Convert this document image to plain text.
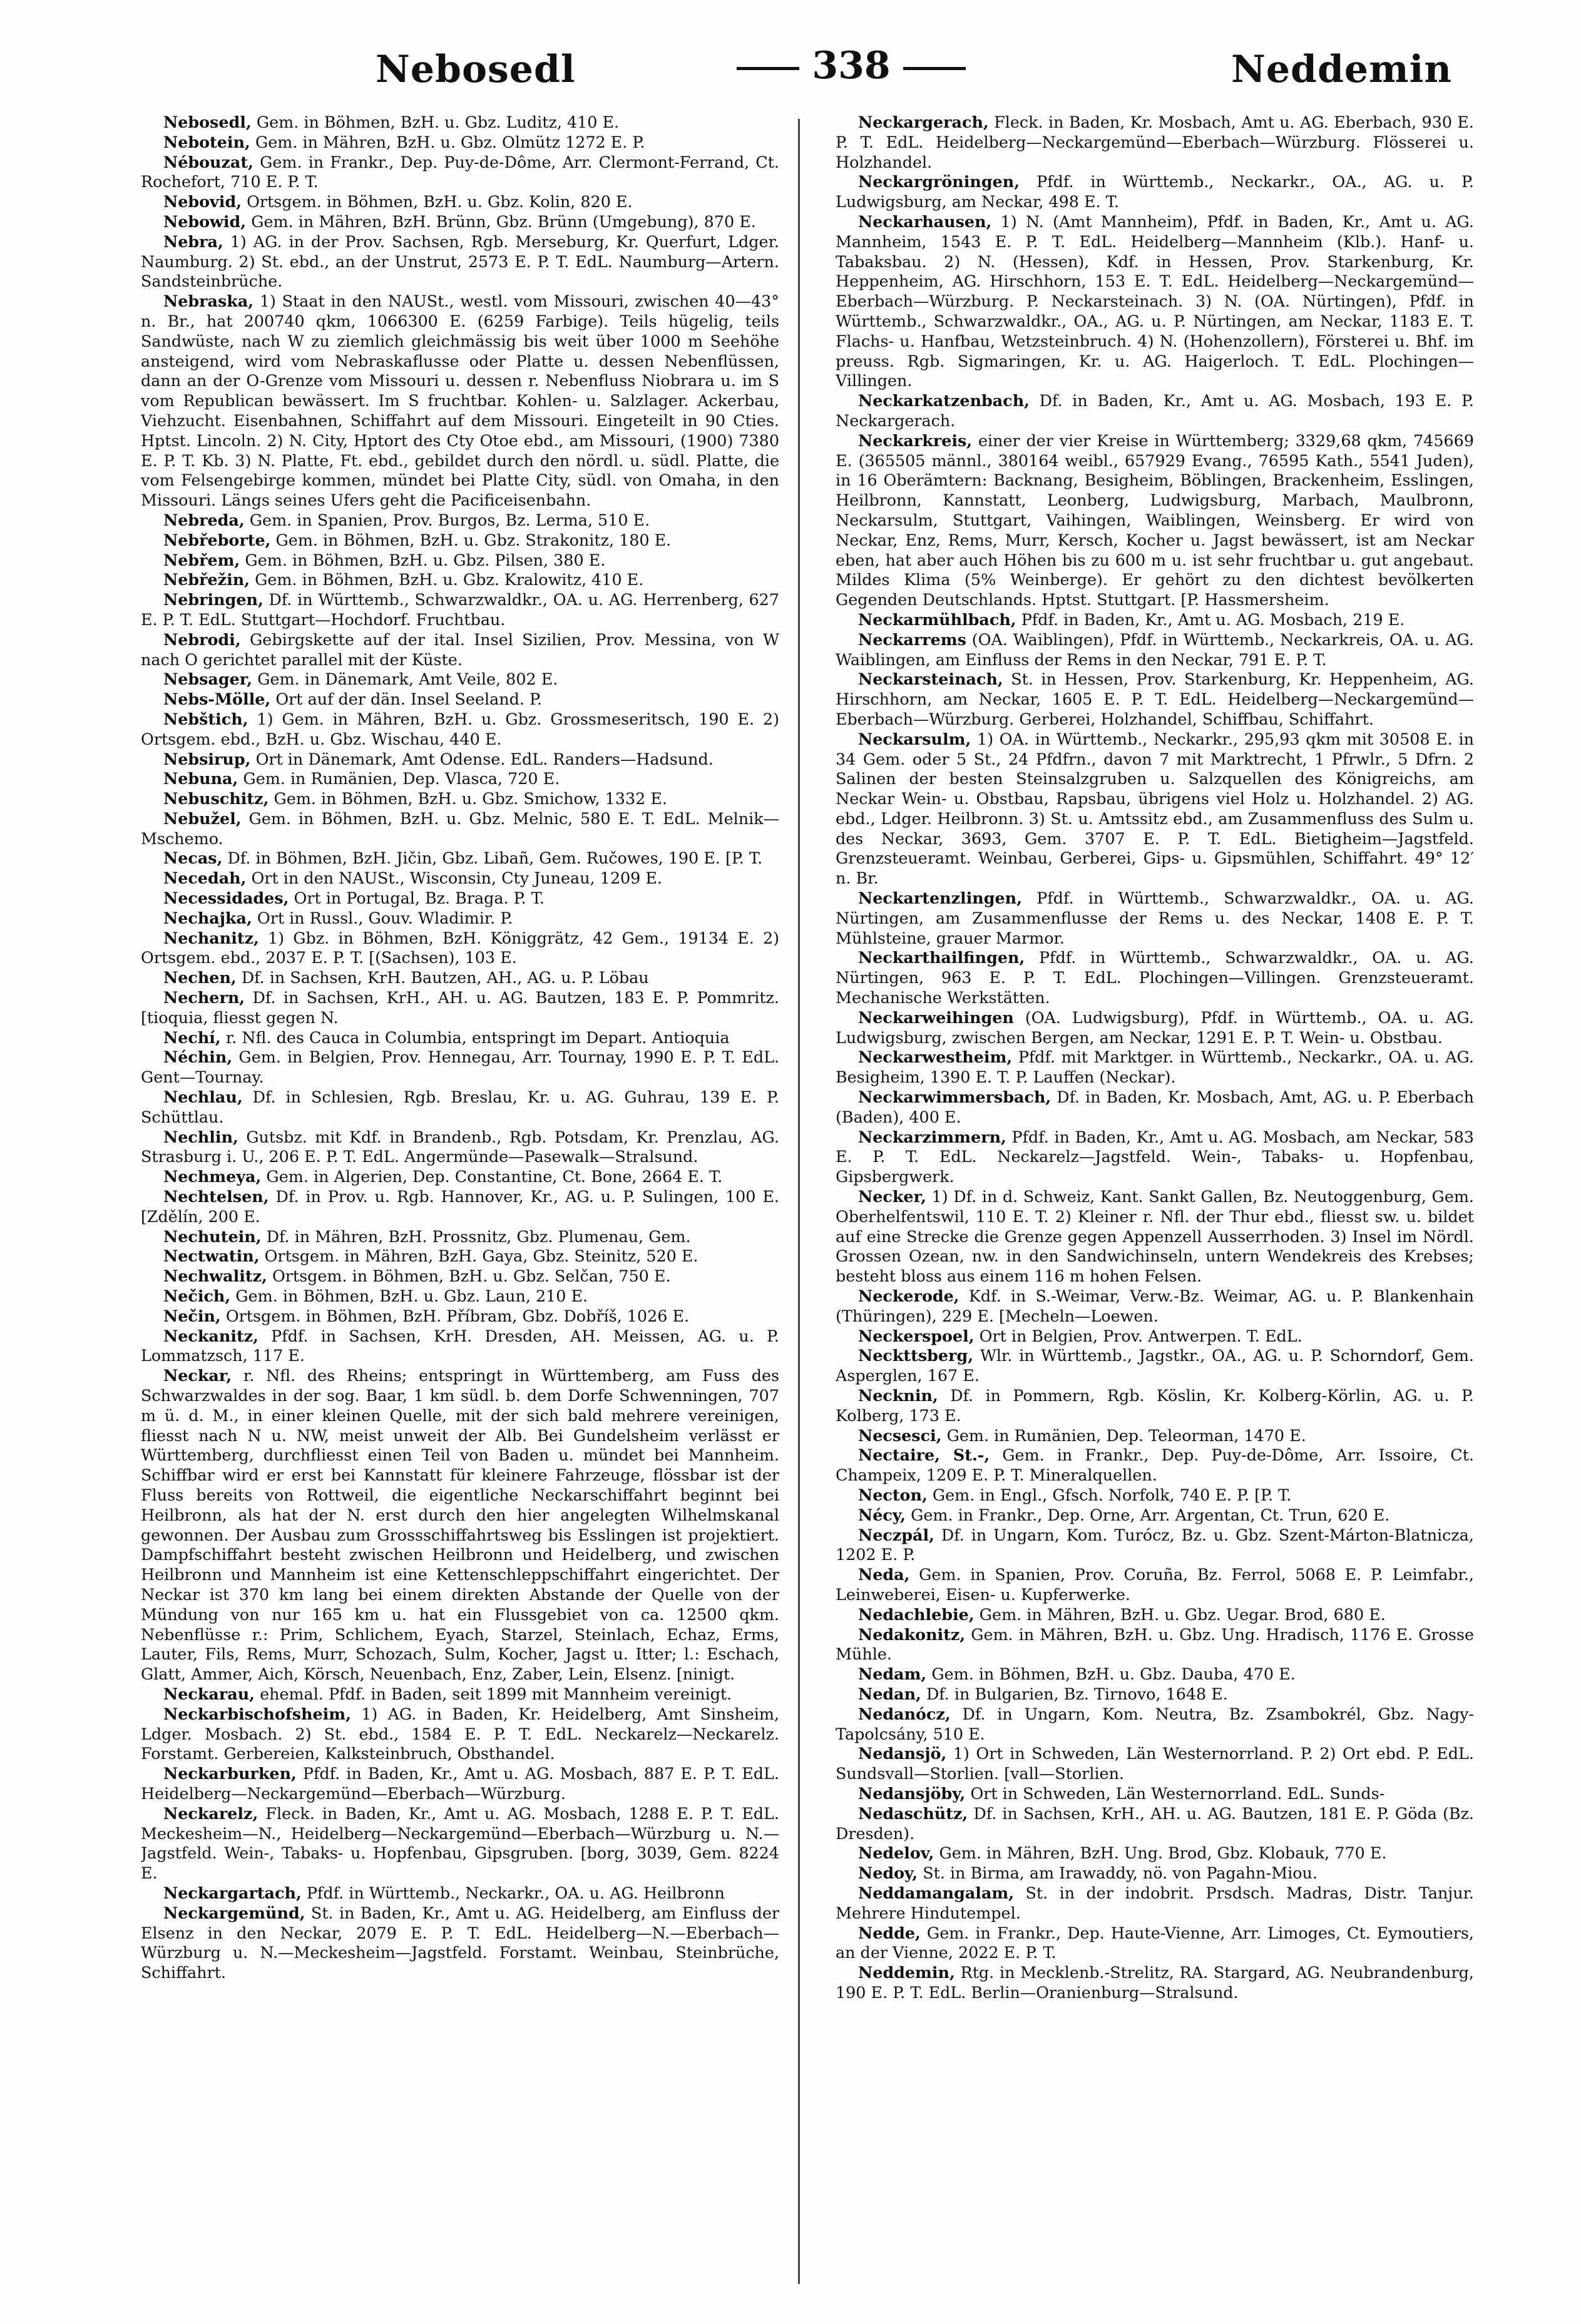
Nebosedl	338	Neddemin

Nebosedl, Gem. in Böhmen, BzH. u. Gbz. Luditz, 410 E.

Nebotein, Gem. in Mähren, BzH. u. Gbz. Olmütz 1272 E. P.

Nébouzat, Gem. in Frankr., Dep. Puy-de-Dôme, Arr. Clermont-Ferrand, Ct. Rochefort, 710 E. P. T.

Nebovid, Ortsgem. in Böhmen, BzH. u. Gbz. Kolin, 820 E.

Nebowid, Gem. in Mähren, BzH. Brünn, Gbz. Brünn (Umgebung), 870 E.

Nebra, 1) AG. in der Prov. Sachsen, Rgb. Merseburg, Kr. Querfurt, Ldger. Naumburg. 2) St. ebd., an der Unstrut, 2573 E. P. T. EdL. Naumburg—Artern. Sandsteinbrüche.

Nebraska, 1) Staat in den NAUSt., westl. vom Missouri, zwischen 40—43° n. Br., hat 200740 qkm, 1066300 E. (6259 Farbige). Teils hügelig, teils Sandwüste, nach W zu ziemlich gleichmässig bis weit über 1000 m Seehöhe ansteigend, wird vom Nebraskaflusse oder Platte u. dessen Nebenflüssen, dann an der O-Grenze vom Missouri u. dessen r. Nebenfluss Niobrara u. im S vom Republican bewässert. Im S fruchtbar. Kohlen- u. Salzlager. Ackerbau, Viehzucht. Eisenbahnen, Schiffahrt auf dem Missouri. Eingeteilt in 90 Cties. Hptst. Lincoln. 2) N. City, Hptort des Cty Otoe ebd., am Missouri, (1900) 7380 E. P. T. Kb. 3) N. Platte, Ft. ebd., gebildet durch den nördl. u. südl. Platte, die vom Felsengebirge kommen, mündet bei Platte City, südl. von Omaha, in den Missouri. Längs seines Ufers geht die Pacificeisenbahn.

Nebreda, Gem. in Spanien, Prov. Burgos, Bz. Lerma, 510 E.

Nebřeborte, Gem. in Böhmen, BzH. u. Gbz. Strakonitz, 180 E.

Nebřem, Gem. in Böhmen, BzH. u. Gbz. Pilsen, 380 E.

Nebřežin, Gem. in Böhmen, BzH. u. Gbz. Kralowitz, 410 E.

Nebringen, Df. in Württemb., Schwarzwaldkr., OA. u. AG. Herrenberg, 627 E. P. T. EdL. Stuttgart—Hochdorf. Fruchtbau.

Nebrodi, Gebirgskette auf der ital. Insel Sizilien, Prov. Messina, von W nach O gerichtet parallel mit der Küste.

Nebsager, Gem. in Dänemark, Amt Veile, 802 E.

Nebs-Mölle, Ort auf der dän. Insel Seeland. P.

Nebštich, 1) Gem. in Mähren, BzH. u. Gbz. Grossmeseritsch, 190 E. 2) Ortsgem. ebd., BzH. u. Gbz. Wischau, 440 E.

Nebsirup, Ort in Dänemark, Amt Odense. EdL. Randers—Hadsund.

Nebuna, Gem. in Rumänien, Dep. Vlasca, 720 E.

Nebuschitz, Gem. in Böhmen, BzH. u. Gbz. Smichow, 1332 E.

Nebužel, Gem. in Böhmen, BzH. u. Gbz. Melnic, 580 E. T. EdL. Melnik—Mschemo.

Necas, Df. in Böhmen, BzH. Jičin, Gbz. Libañ, Gem. Ručowes, 190 E. [P. T.

Necedah, Ort in den NAUSt., Wisconsin, Cty Juneau, 1209 E.

Necessidades, Ort in Portugal, Bz. Braga. P. T.

Nechajka, Ort in Russl., Gouv. Wladimir. P.

Nechanitz, 1) Gbz. in Böhmen, BzH. Königgrätz, 42 Gem., 19134 E. 2) Ortsgem. ebd., 2037 E. P. T. [(Sachsen), 103 E.

Nechen, Df. in Sachsen, KrH. Bautzen, AH., AG. u. P. Löbau

Nechern, Df. in Sachsen, KrH., AH. u. AG. Bautzen, 183 E. P. Pommritz. [tioquia, fliesst gegen N.

Nechí, r. Nfl. des Cauca in Columbia, entspringt im Depart. Antioquia

Néchin, Gem. in Belgien, Prov. Hennegau, Arr. Tournay, 1990 E. P. T. EdL. Gent—Tournay.

Nechlau, Df. in Schlesien, Rgb. Breslau, Kr. u. AG. Guhrau, 139 E. P. Schüttlau.

Nechlin, Gutsbz. mit Kdf. in Brandenb., Rgb. Potsdam, Kr. Prenzlau, AG. Strasburg i. U., 206 E. P. T. EdL. Angermünde—Pasewalk—Stralsund.

Nechmeya, Gem. in Algerien, Dep. Constantine, Ct. Bone, 2664 E. T.

Nechtelsen, Df. in Prov. u. Rgb. Hannover, Kr., AG. u. P. Sulingen, 100 E. [Zdělín, 200 E.

Nechutein, Df. in Mähren, BzH. Prossnitz, Gbz. Plumenau, Gem.

Nectwatin, Ortsgem. in Mähren, BzH. Gaya, Gbz. Steinitz, 520 E.

Nechwalitz, Ortsgem. in Böhmen, BzH. u. Gbz. Selčan, 750 E.

Nečich, Gem. in Böhmen, BzH. u. Gbz. Laun, 210 E.

Nečin, Ortsgem. in Böhmen, BzH. Příbram, Gbz. Dobříš, 1026 E.

Neckanitz, Pfdf. in Sachsen, KrH. Dresden, AH. Meissen, AG. u. P. Lommatzsch, 117 E.

Neckar, r. Nfl. des Rheins; entspringt in Württemberg, am Fuss des Schwarzwaldes in der sog. Baar, 1 km südl. b. dem Dorfe Schwenningen, 707 m ü. d. M., in einer kleinen Quelle, mit der sich bald mehrere vereinigen, fliesst nach N u. NW, meist unweit der Alb. Bei Gundelsheim verlässt er Württemberg, durchfliesst einen Teil von Baden u. mündet bei Mannheim. Schiffbar wird er erst bei Kannstatt für kleinere Fahrzeuge, flössbar ist der Fluss bereits von Rottweil, die eigentliche Neckarschiffahrt beginnt bei Heilbronn, als hat der N. erst durch den hier angelegten Wilhelmskanal gewonnen. Der Ausbau zum Grossschiffahrtsweg bis Esslingen ist projektiert. Dampfschiffahrt besteht zwischen Heilbronn und Heidelberg, und zwischen Heilbronn und Mannheim ist eine Kettenschleppschiffahrt eingerichtet. Der Neckar ist 370 km lang bei einem direkten Abstande der Quelle von der Mündung von nur 165 km u. hat ein Flussgebiet von ca. 12500 qkm. Nebenflüsse r.: Prim, Schlichem, Eyach, Starzel, Steinlach, Echaz, Erms, Lauter, Fils, Rems, Murr, Schozach, Sulm, Kocher, Jagst u. Itter; l.: Eschach, Glatt, Ammer, Aich, Körsch, Neuenbach, Enz, Zaber, Lein, Elsenz. [ninigt.

Neckarau, ehemal. Pfdf. in Baden, seit 1899 mit Mannheim vereinigt.

Neckarbischofsheim, 1) AG. in Baden, Kr. Heidelberg, Amt Sinsheim, Ldger. Mosbach. 2) St. ebd., 1584 E. P. T. EdL. Neckarelz—Neckarelz. Forstamt. Gerbereien, Kalksteinbruch, Obsthandel.

Neckarburken, Pfdf. in Baden, Kr., Amt u. AG. Mosbach, 887 E. P. T. EdL. Heidelberg—Neckargemünd—Eberbach—Würzburg.

Neckarelz, Fleck. in Baden, Kr., Amt u. AG. Mosbach, 1288 E. P. T. EdL. Meckesheim—N., Heidelberg—Neckargemünd—Eberbach—Würzburg u. N.—Jagstfeld. Wein-, Tabaks- u. Hopfenbau, Gipsgruben. [borg, 3039, Gem. 8224 E.

Neckargartach, Pfdf. in Württemb., Neckarkr., OA. u. AG. Heilbronn

Neckargemünd, St. in Baden, Kr., Amt u. AG. Heidelberg, am Einfluss der Elsenz in den Neckar, 2079 E. P. T. EdL. Heidelberg—N.—Eberbach—Würzburg u. N.—Meckesheim—Jagstfeld. Forstamt. Weinbau, Steinbrüche, Schiffahrt.

Neckargerach, Fleck. in Baden, Kr. Mosbach, Amt u. AG. Eberbach, 930 E. P. T. EdL. Heidelberg—Neckargemünd—Eberbach—Würzburg. Flösserei u. Holzhandel.

Neckargröningen, Pfdf. in Württemb., Neckarkr., OA., AG. u. P. Ludwigsburg, am Neckar, 498 E. T.

Neckarhausen, 1) N. (Amt Mannheim), Pfdf. in Baden, Kr., Amt u. AG. Mannheim, 1543 E. P. T. EdL. Heidelberg—Mannheim (Klb.). Hanf- u. Tabaksbau. 2) N. (Hessen), Kdf. in Hessen, Prov. Starkenburg, Kr. Heppenheim, AG. Hirschhorn, 153 E. T. EdL. Heidelberg—Neckargemünd—Eberbach—Würzburg. P. Neckarsteinach. 3) N. (OA. Nürtingen), Pfdf. in Württemb., Schwarzwaldkr., OA., AG. u. P. Nürtingen, am Neckar, 1183 E. T. Flachs- u. Hanfbau, Wetzsteinbruch. 4) N. (Hohenzollern), Försterei u. Bhf. im preuss. Rgb. Sigmaringen, Kr. u. AG. Haigerloch. T. EdL. Plochingen—Villingen.

Neckarkatzenbach, Df. in Baden, Kr., Amt u. AG. Mosbach, 193 E. P. Neckargerach.

Neckarkreis, einer der vier Kreise in Württemberg; 3329,68 qkm, 745669 E. (365505 männl., 380164 weibl., 657929 Evang., 76595 Kath., 5541 Juden), in 16 Oberämtern: Backnang, Besigheim, Böblingen, Brackenheim, Esslingen, Heilbronn, Kannstatt, Leonberg, Ludwigsburg, Marbach, Maulbronn, Neckarsulm, Stuttgart, Vaihingen, Waiblingen, Weinsberg. Er wird von Neckar, Enz, Rems, Murr, Kersch, Kocher u. Jagst bewässert, ist am Neckar eben, hat aber auch Höhen bis zu 600 m u. ist sehr fruchtbar u. gut angebaut. Mildes Klima (5% Weinberge). Er gehört zu den dichtest bevölkerten Gegenden Deutschlands. Hptst. Stuttgart. [P. Hassmersheim.

Neckarmühlbach, Pfdf. in Baden, Kr., Amt u. AG. Mosbach, 219 E.

Neckarrems (OA. Waiblingen), Pfdf. in Württemb., Neckarkreis, OA. u. AG. Waiblingen, am Einfluss der Rems in den Neckar, 791 E. P. T.

Neckarsteinach, St. in Hessen, Prov. Starkenburg, Kr. Heppenheim, AG. Hirschhorn, am Neckar, 1605 E. P. T. EdL. Heidelberg—Neckargemünd—Eberbach—Würzburg. Gerberei, Holzhandel, Schiffbau, Schiffahrt.

Neckarsulm, 1) OA. in Württemb., Neckarkr., 295,93 qkm mit 30508 E. in 34 Gem. oder 5 St., 24 Pfdfrn., davon 7 mit Marktrecht, 1 Pfrwlr., 5 Dfrn. 2 Salinen der besten Steinsalzgruben u. Salzquellen des Königreichs, am Neckar Wein- u. Obstbau, Rapsbau, übrigens viel Holz u. Holzhandel. 2) AG. ebd., Ldger. Heilbronn. 3) St. u. Amtssitz ebd., am Zusammenfluss des Sulm u. des Neckar, 3693, Gem. 3707 E. P. T. EdL. Bietigheim—Jagstfeld. Grenzsteueramt. Weinbau, Gerberei, Gips- u. Gipsmühlen, Schiffahrt. 49° 12′ n. Br.

Neckartenzlingen, Pfdf. in Württemb., Schwarzwaldkr., OA. u. AG. Nürtingen, am Zusammenflusse der Rems u. des Neckar, 1408 E. P. T. Mühlsteine, grauer Marmor.

Neckarthailfingen, Pfdf. in Württemb., Schwarzwaldkr., OA. u. AG. Nürtingen, 963 E. P. T. EdL. Plochingen—Villingen. Grenzsteueramt. Mechanische Werkstätten.

Neckarweihingen (OA. Ludwigsburg), Pfdf. in Württemb., OA. u. AG. Ludwigsburg, zwischen Bergen, am Neckar, 1291 E. P. T. Wein- u. Obstbau.

Neckarwestheim, Pfdf. mit Marktger. in Württemb., Neckarkr., OA. u. AG. Besigheim, 1390 E. T. P. Lauffen (Neckar).

Neckarwimmersbach, Df. in Baden, Kr. Mosbach, Amt, AG. u. P. Eberbach (Baden), 400 E.

Neckarzimmern, Pfdf. in Baden, Kr., Amt u. AG. Mosbach, am Neckar, 583 E. P. T. EdL. Neckarelz—Jagstfeld. Wein-, Tabaks- u. Hopfenbau, Gipsbergwerk.

Necker, 1) Df. in d. Schweiz, Kant. Sankt Gallen, Bz. Neutoggenburg, Gem. Oberhelfentswil, 110 E. T. 2) Kleiner r. Nfl. der Thur ebd., fliesst sw. u. bildet auf eine Strecke die Grenze gegen Appenzell Ausserrhoden. 3) Insel im Nördl. Grossen Ozean, nw. in den Sandwichinseln, untern Wendekreis des Krebses; besteht bloss aus einem 116 m hohen Felsen.

Neckerode, Kdf. in S.-Weimar, Verw.-Bz. Weimar, AG. u. P. Blankenhain (Thüringen), 229 E. [Mecheln—Loewen.

Neckerspoel, Ort in Belgien, Prov. Antwerpen. T. EdL.

Neckttsberg, Wlr. in Württemb., Jagstkr., OA., AG. u. P. Schorndorf, Gem. Asperglen, 167 E.

Necknin, Df. in Pommern, Rgb. Köslin, Kr. Kolberg-Körlin, AG. u. P. Kolberg, 173 E.

Necsesci, Gem. in Rumänien, Dep. Teleorman, 1470 E.

Nectaire, St.-, Gem. in Frankr., Dep. Puy-de-Dôme, Arr. Issoire, Ct. Champeix, 1209 E. P. T. Mineralquellen.

Necton, Gem. in Engl., Gfsch. Norfolk, 740 E. P. [P. T.

Nécy, Gem. in Frankr., Dep. Orne, Arr. Argentan, Ct. Trun, 620 E.

Neczpál, Df. in Ungarn, Kom. Turócz, Bz. u. Gbz. Szent-Márton-Blatnicza, 1202 E. P.

Neda, Gem. in Spanien, Prov. Coruña, Bz. Ferrol, 5068 E. P. Leimfabr., Leinweberei, Eisen- u. Kupferwerke.

Nedachlebie, Gem. in Mähren, BzH. u. Gbz. Uegar. Brod, 680 E.

Nedakonitz, Gem. in Mähren, BzH. u. Gbz. Ung. Hradisch, 1176 E. Grosse Mühle.

Nedam, Gem. in Böhmen, BzH. u. Gbz. Dauba, 470 E.

Nedan, Df. in Bulgarien, Bz. Tirnovo, 1648 E.

Nedanócz, Df. in Ungarn, Kom. Neutra, Bz. Zsambokrél, Gbz. Nagy-Tapolcsány, 510 E.

Nedansjö, 1) Ort in Schweden, Län Westernorrland. P. 2) Ort ebd. P. EdL. Sundsvall—Storlien. [vall—Storlien.

Nedansjöby, Ort in Schweden, Län Westernorrland. EdL. Sunds-

Nedaschütz, Df. in Sachsen, KrH., AH. u. AG. Bautzen, 181 E. P. Göda (Bz. Dresden).

Nedelov, Gem. in Mähren, BzH. Ung. Brod, Gbz. Klobauk, 770 E.

Nedoy, St. in Birma, am Irawaddy, nö. von Pagahn-Miou.

Neddamangalam, St. in der indobrit. Prsdsch. Madras, Distr. Tanjur. Mehrere Hindutempel.

Nedde, Gem. in Frankr., Dep. Haute-Vienne, Arr. Limoges, Ct. Eymoutiers, an der Vienne, 2022 E. P. T.

Neddemin, Rtg. in Mecklenb.-Strelitz, RA. Stargard, AG. Neubrandenburg, 190 E. P. T. EdL. Berlin—Oranienburg—Stralsund.
